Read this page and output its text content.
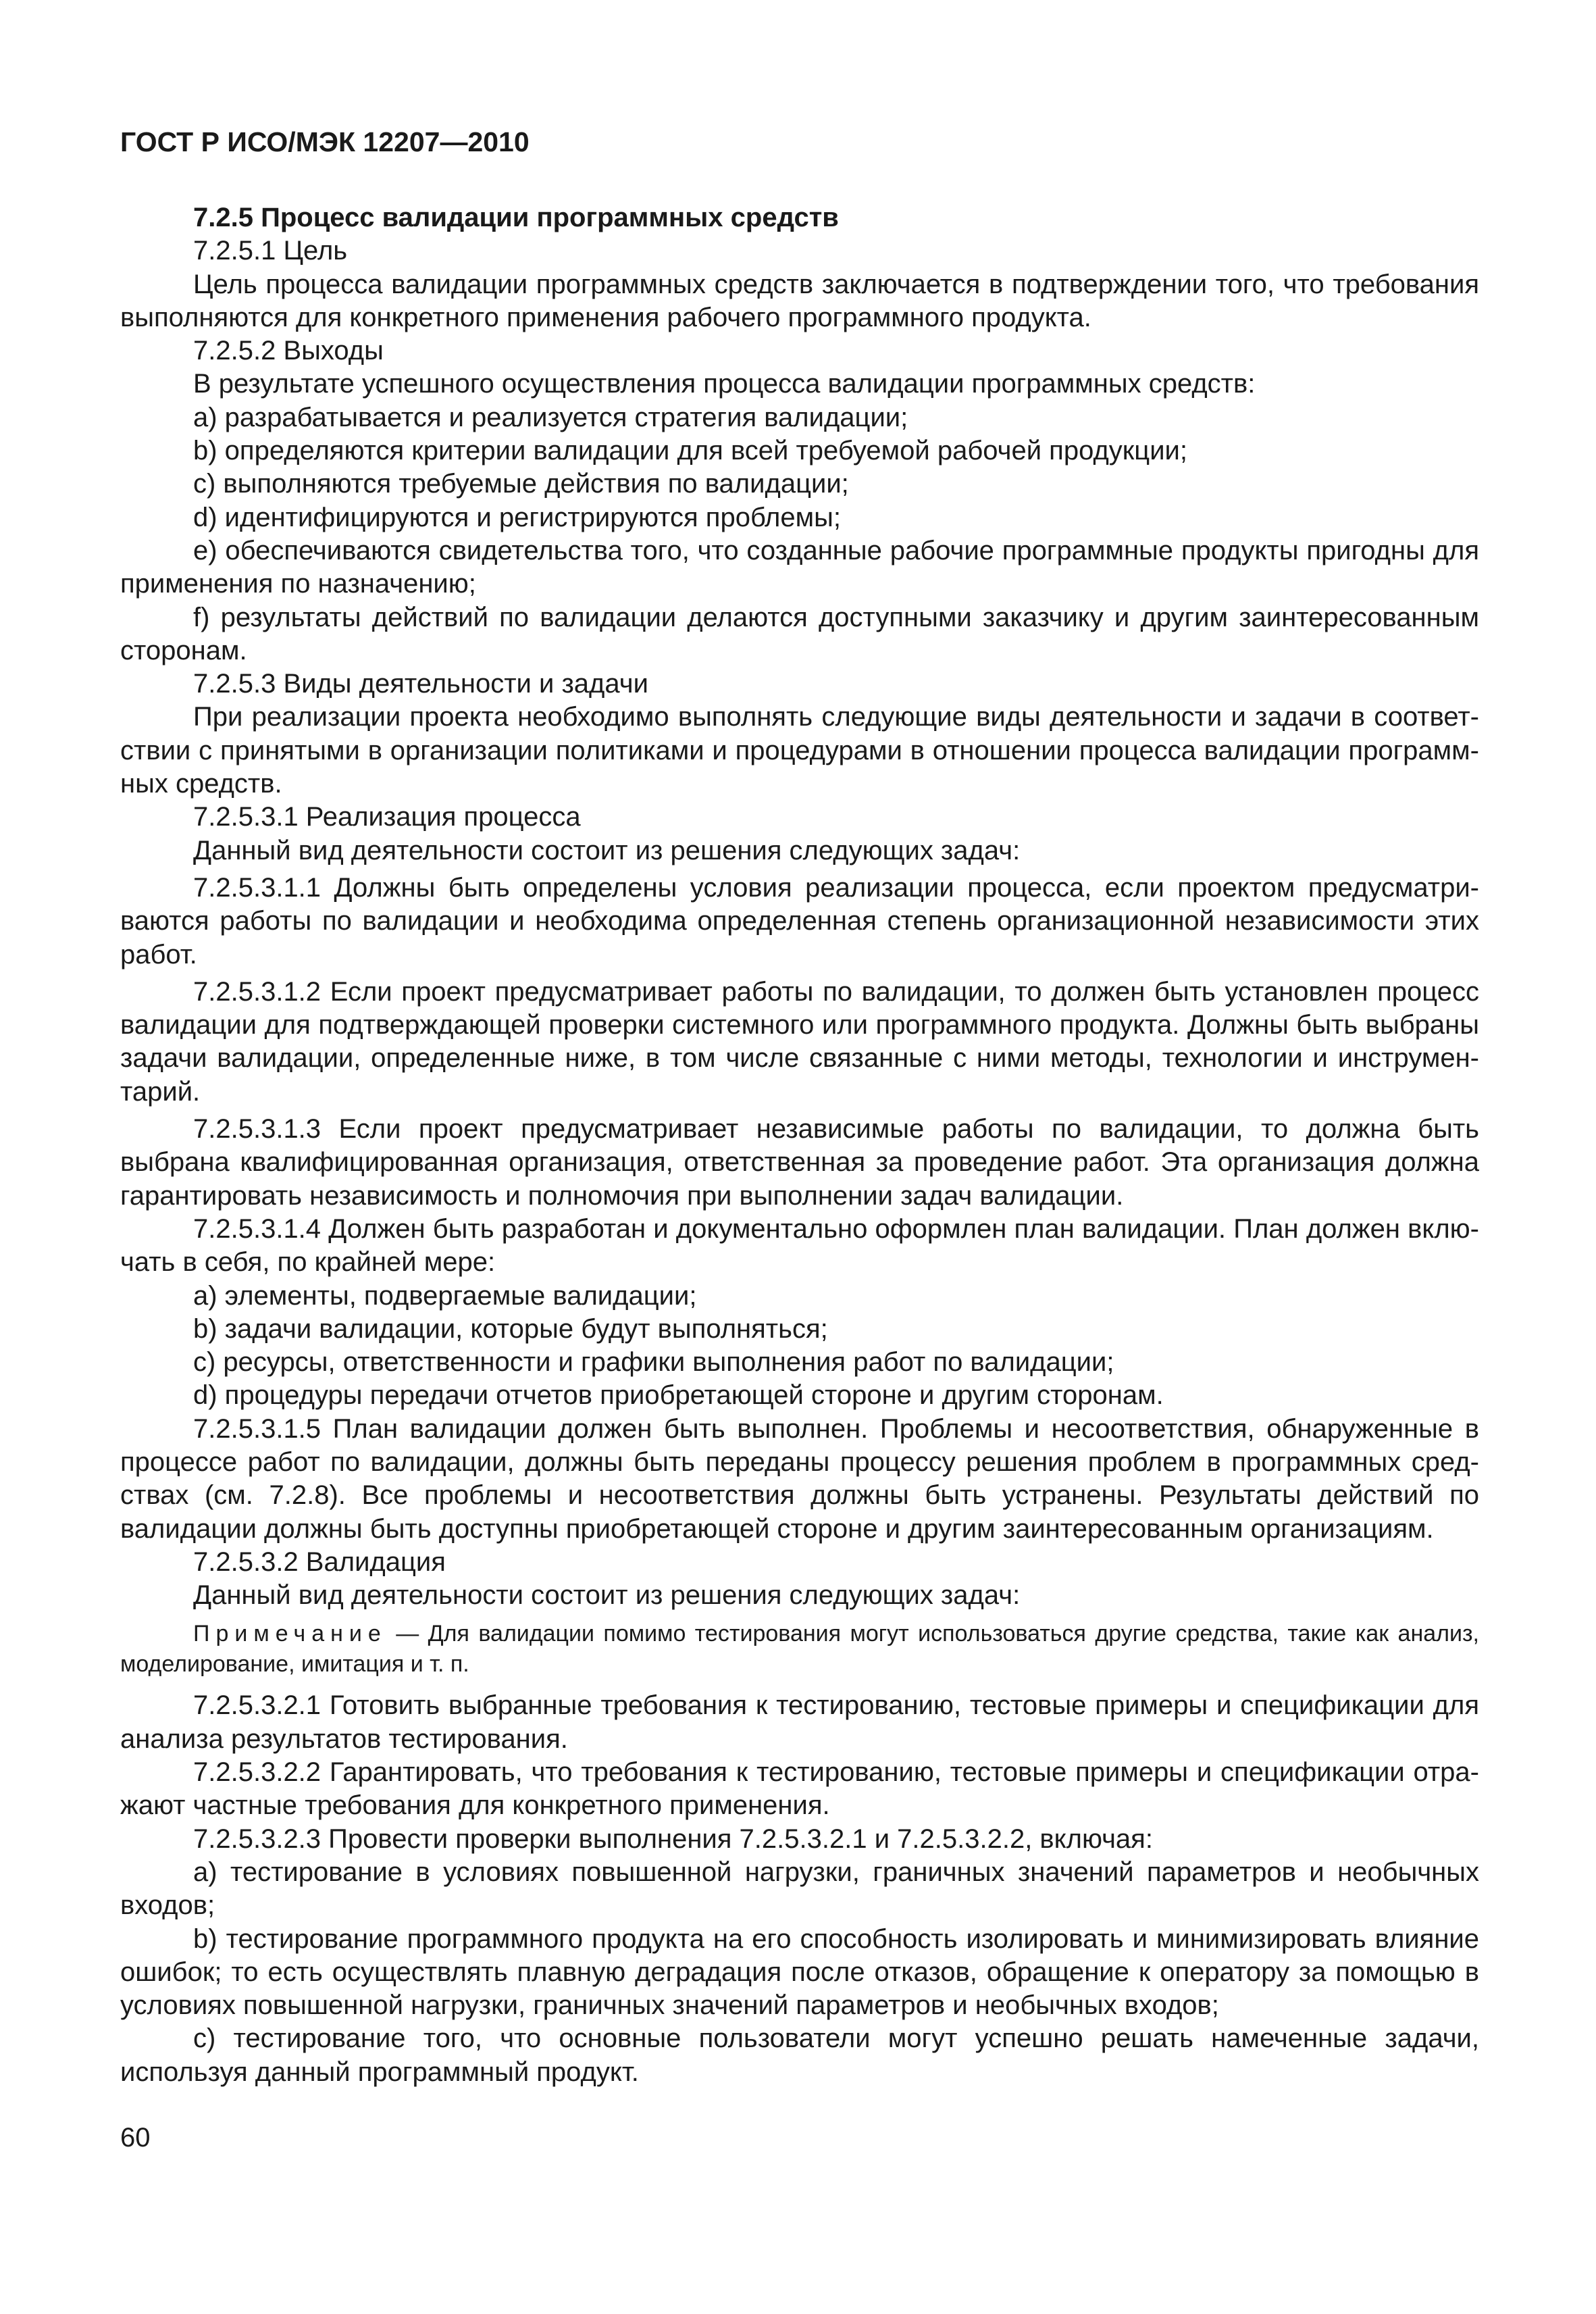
ГОСТ Р ИСО/МЭК 12207—2010

7.2.5 Процесс валидации программных средств

7.2.5.1 Цель

Цель процесса валидации программных средств заключается в подтверждении того, что требования выполняются для конкретного применения рабочего программного продукта.

7.2.5.2 Выходы

В результате успешного осуществления процесса валидации программных средств:

а) разрабатывается и реализуется стратегия валидации;

b) определяются критерии валидации для всей требуемой рабочей продукции;

c) выполняются требуемые действия по валидации;

d) идентифицируются и регистрируются проблемы;

e) обеспечиваются свидетельства того, что созданные рабочие программные продукты пригодны для применения по назначению;

f) результаты действий по валидации делаются доступными заказчику и другим заинтересованным сторонам.

7.2.5.3 Виды деятельности и задачи

При реализации проекта необходимо выполнять следующие виды деятельности и задачи в соответствии с принятыми в организации политиками и процедурами в отношении процесса валидации программных средств.

7.2.5.3.1 Реализация процесса

Данный вид деятельности состоит из решения следующих задач:

7.2.5.3.1.1 Должны быть определены условия реализации процесса, если проектом предусматриваются работы по валидации и необходима определенная степень организационной независимости этих работ.

7.2.5.3.1.2 Если проект предусматривает работы по валидации, то должен быть установлен процесс валидации для подтверждающей проверки системного или программного продукта. Должны быть выбраны задачи валидации, определенные ниже, в том числе связанные с ними методы, технологии и инструментарий.

7.2.5.3.1.3 Если проект предусматривает независимые работы по валидации, то должна быть выбрана квалифицированная организация, ответственная за проведение работ. Эта организация должна гарантировать независимость и полномочия при выполнении задач валидации.

7.2.5.3.1.4 Должен быть разработан и документально оформлен план валидации. План должен включать в себя, по крайней мере:

а) элементы, подвергаемые валидации;

b) задачи валидации, которые будут выполняться;

c) ресурсы, ответственности и графики выполнения работ по валидации;

d) процедуры передачи отчетов приобретающей стороне и другим сторонам.

7.2.5.3.1.5 План валидации должен быть выполнен. Проблемы и несоответствия, обнаруженные в процессе работ по валидации, должны быть переданы процессу решения проблем в программных средствах (см. 7.2.8). Все проблемы и несоответствия должны быть устранены. Результаты действий по валидации должны быть доступны приобретающей стороне и другим заинтересованным организациям.

7.2.5.3.2 Валидация

Данный вид деятельности состоит из решения следующих задач:

Примечание — Для валидации помимо тестирования могут использоваться другие средства, такие как анализ, моделирование, имитация и т. п.

7.2.5.3.2.1 Готовить выбранные требования к тестированию, тестовые примеры и спецификации для анализа результатов тестирования.

7.2.5.3.2.2 Гарантировать, что требования к тестированию, тестовые примеры и спецификации отражают частные требования для конкретного применения.

7.2.5.3.2.3 Провести проверки выполнения 7.2.5.3.2.1 и 7.2.5.3.2.2, включая:

а) тестирование в условиях повышенной нагрузки, граничных значений параметров и необычных входов;

b) тестирование программного продукта на его способность изолировать и минимизировать влияние ошибок; то есть осуществлять плавную деградация после отказов, обращение к оператору за помощью в условиях повышенной нагрузки, граничных значений параметров и необычных входов;

c) тестирование того, что основные пользователи могут успешно решать намеченные задачи, используя данный программный продукт.

60
